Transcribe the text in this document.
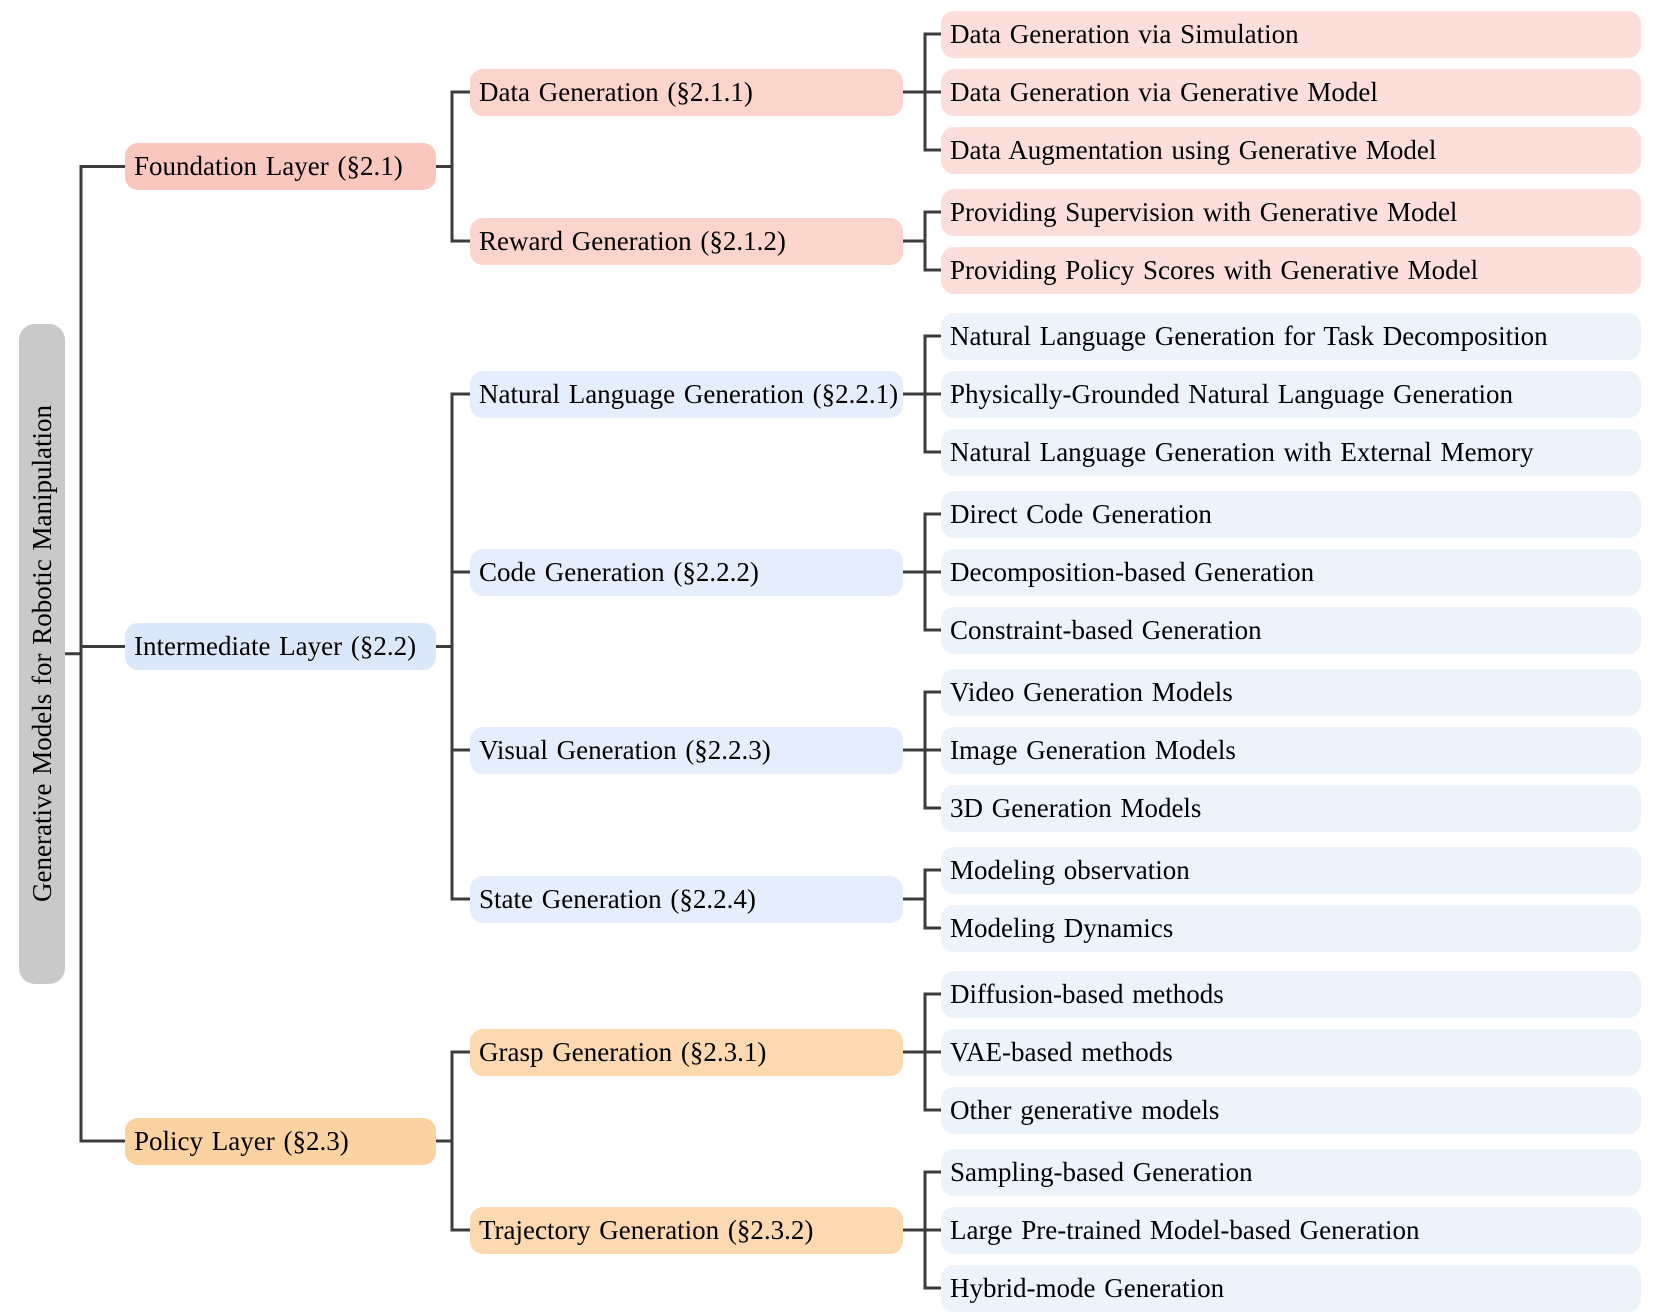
Generative Models for Robotic Manipulation
Foundation Layer (§2.1)
Data Generation (§2.1.1)
Data Generation via Simulation
Data Generation via Generative Model
Data Augmentation using Generative Model
Reward Generation (§2.1.2)
Providing Supervision with Generative Model
Providing Policy Scores with Generative Model
Intermediate Layer (§2.2)
Natural Language Generation (§2.2.1)
Natural Language Generation for Task Decomposition
Physically-Grounded Natural Language Generation
Natural Language Generation with External Memory
Code Generation (§2.2.2)
Direct Code Generation
Decomposition-based Generation
Constraint-based Generation
Visual Generation (§2.2.3)
Video Generation Models
Image Generation Models
3D Generation Models
State Generation (§2.2.4)
Modeling observation
Modeling Dynamics
Policy Layer (§2.3)
Grasp Generation (§2.3.1)
Diffusion-based methods
VAE-based methods
Other generative models
Trajectory Generation (§2.3.2)
Sampling-based Generation
Large Pre-trained Model-based Generation
Hybrid-mode Generation
